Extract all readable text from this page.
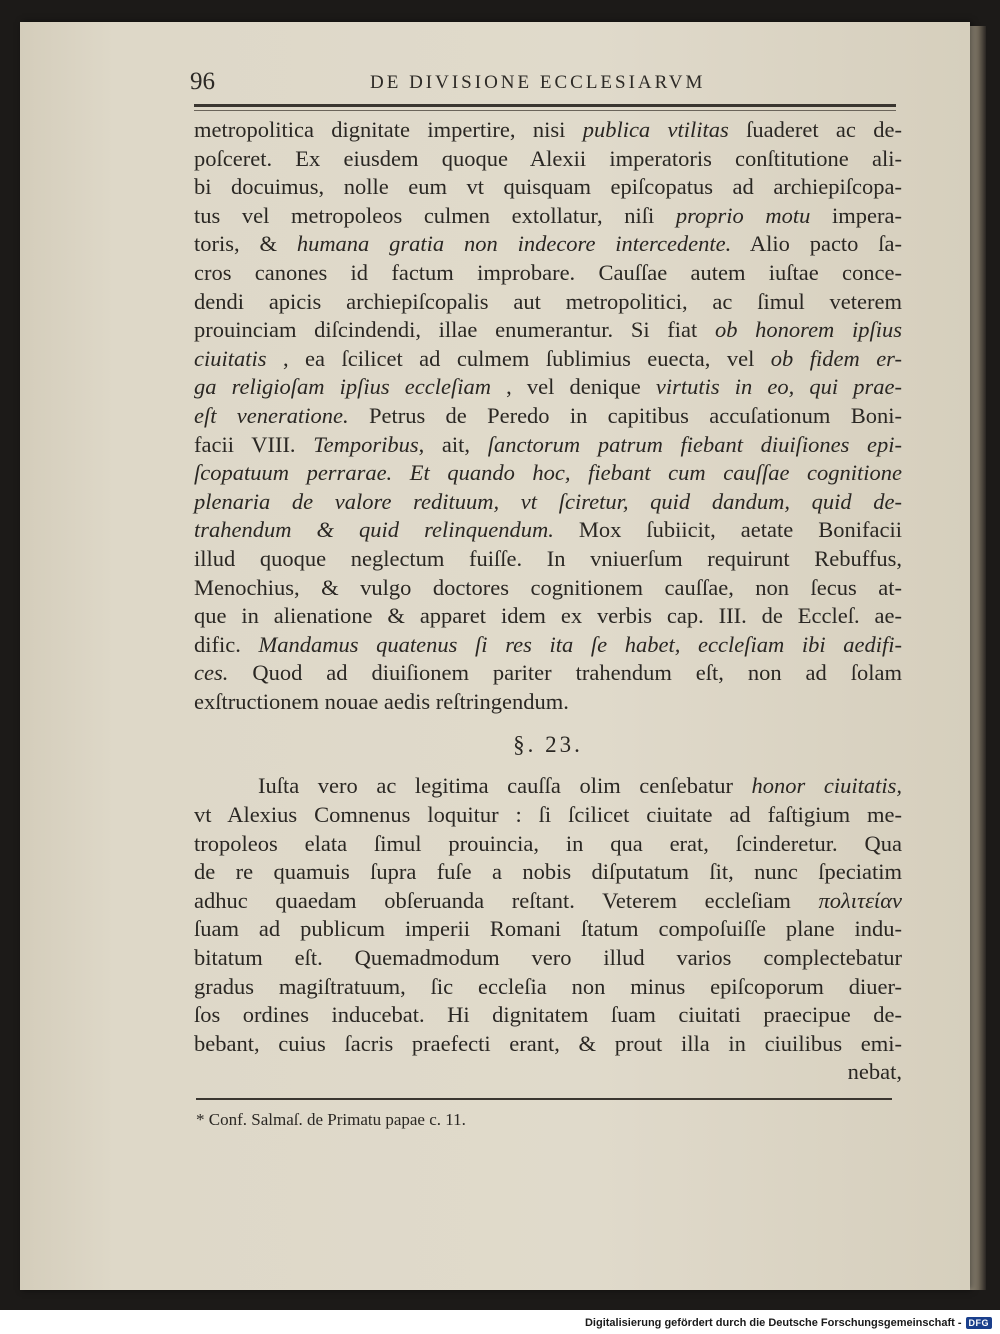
96	DE DIVISIONE ECCLESIARVM
metropolitica dignitate impertire, nisi publica vtilitas ſuaderet ac de-
poſceret. Ex eiusdem quoque Alexii imperatoris conſtitutione ali-
bi docuimus, nolle eum vt quisquam epiſcopatus ad archiepiſcopa-
tus vel metropoleos culmen extollatur, niſi proprio motu impera-
toris, & humana gratia non indecore intercedente. Alio pacto ſa-
cros canones id factum improbare. Cauſſae autem iuſtae conce-
dendi apicis archiepiſcopalis aut metropolitici, ac ſimul veterem
prouinciam diſcindendi, illae enumerantur. Si fiat ob honorem ipſius
ciuitatis , ea ſcilicet ad culmem ſublimius euecta, vel ob fidem er-
ga religioſam ipſius eccleſiam , vel denique virtutis in eo, qui prae-
eſt veneratione. Petrus de Peredo in capitibus accuſationum Boni-
facii VIII. Temporibus, ait, ſanctorum patrum fiebant diuiſiones epi-
ſcopatuum perrarae. Et quando hoc, fiebant cum cauſſae cognitione
plenaria de valore redituum, vt ſciretur, quid dandum, quid de-
trahendum & quid relinquendum. Mox ſubiicit, aetate Bonifacii
illud quoque neglectum fuiſſe. In vniuerſum requirunt Rebuffus,
Menochius, & vulgo doctores cognitionem cauſſae, non ſecus at-
que in alienatione & apparet idem ex verbis cap. III. de Eccleſ. ae-
dific. Mandamus quatenus ſi res ita ſe habet, eccleſiam ibi aedifi-
ces. Quod ad diuiſionem pariter trahendum eſt, non ad ſolam
exſtructionem nouae aedis reſtringendum.
§. 23.
Iuſta vero ac legitima cauſſa olim cenſebatur honor ciuitatis,
vt Alexius Comnenus loquitur : ſi ſcilicet ciuitate ad faſtigium me-
tropoleos elata ſimul prouincia, in qua erat, ſcinderetur. Qua
de re quamuis ſupra fuſe a nobis diſputatum ſit, nunc ſpeciatim
adhuc quaedam obſeruanda reſtant. Veterem eccleſiam πολιτείαν
ſuam ad publicum imperii Romani ſtatum compoſuiſſe plane indu-
bitatum eſt. Quemadmodum vero illud varios complectebatur
gradus magiſtratuum, ſic eccleſia non minus epiſcoporum diuer-
ſos ordines inducebat. Hi dignitatem ſuam ciuitati praecipue de-
bebant, cuius ſacris praefecti erant, & prout illa in ciuilibus emi-
nebat,
* Conf. Salmaſ. de Primatu papae c. 11.
Digitalisierung gefördert durch die Deutsche Forschungsgemeinschaft - DFG
